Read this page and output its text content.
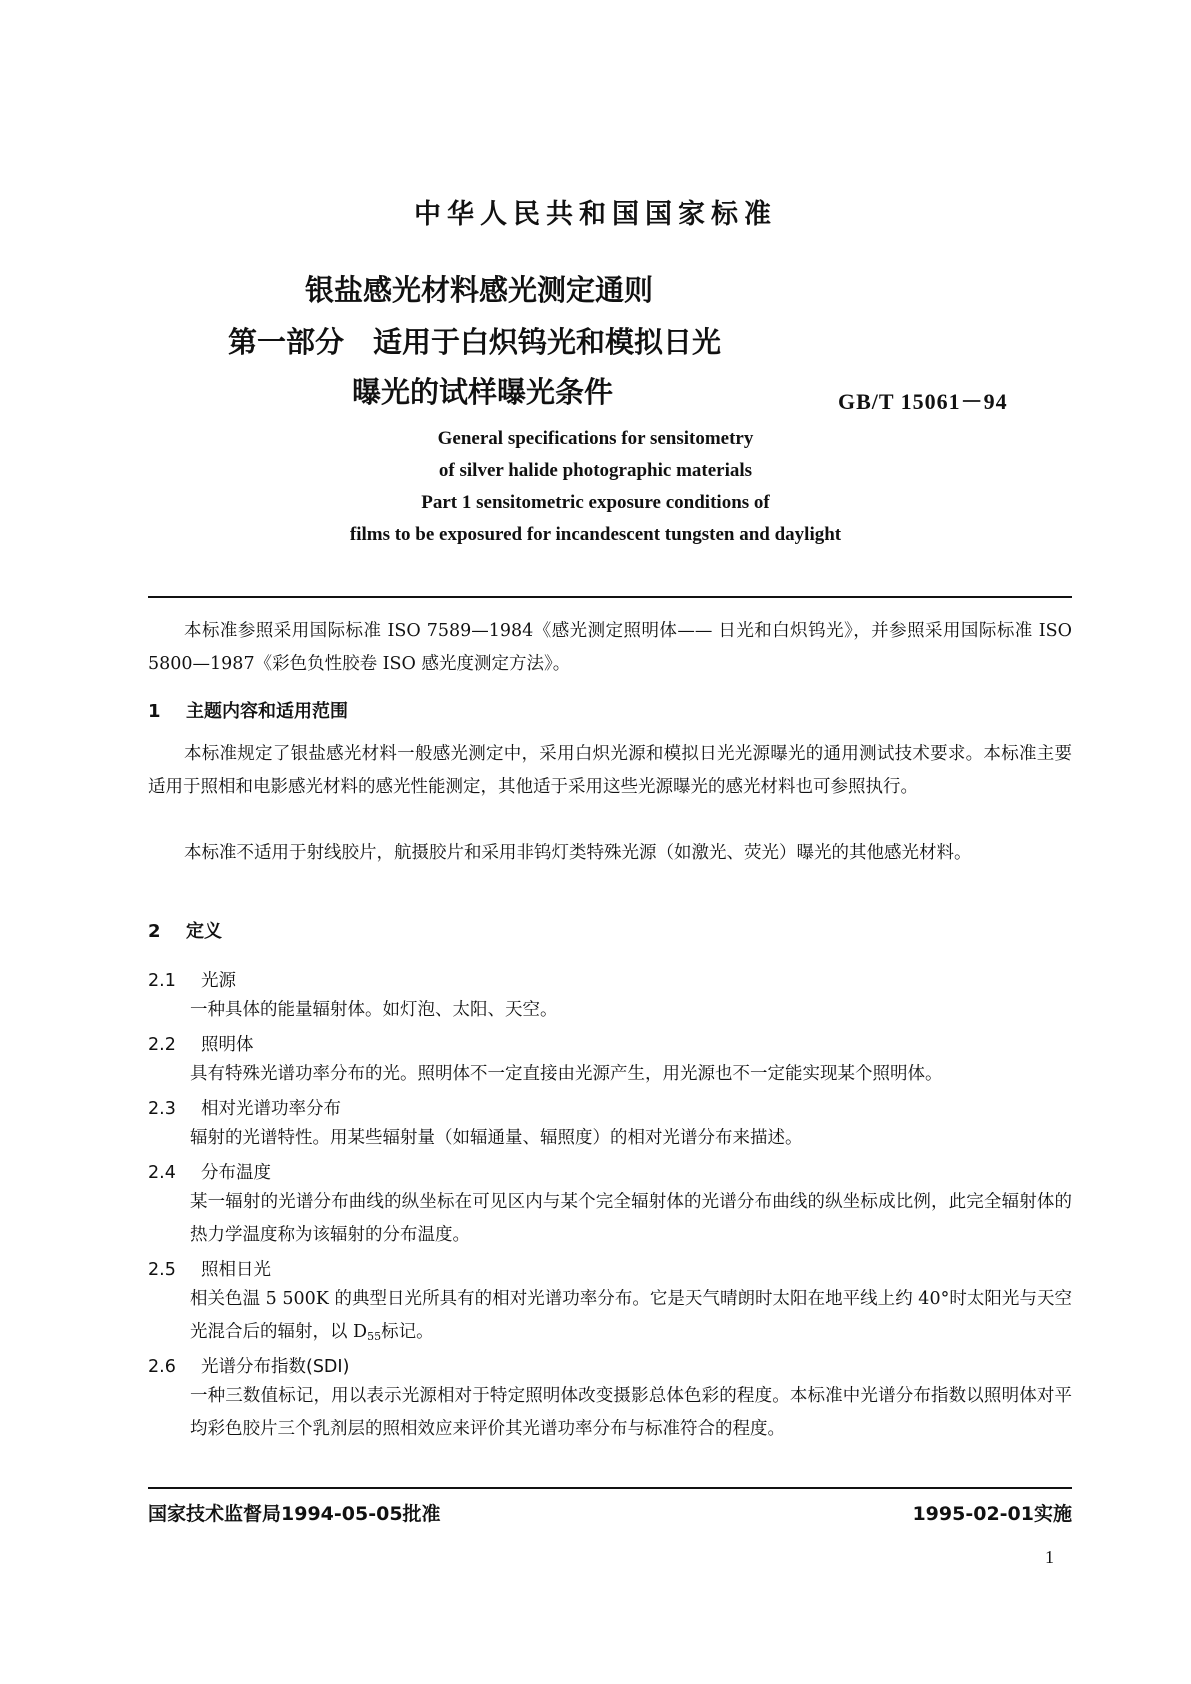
中华人民共和国国家标准
银盐感光材料感光测定通则
第一部分　适用于白炽钨光和模拟日光
曝光的试样曝光条件	GB/T 15061－94
General specifications for sensitometry
of silver halide photographic materials
Part 1 sensitometric exposure conditions of
films to be exposured for incandescent tungsten and daylight
本标准参照采用国际标准 ISO 7589—1984《感光测定照明体—— 日光和白炽钨光》，并参照采用国际标准 ISO 5800—1987《彩色负性胶卷 ISO 感光度测定方法》。
1 主题内容和适用范围
本标准规定了银盐感光材料一般感光测定中，采用白炽光源和模拟日光光源曝光的通用测试技术要求。本标准主要适用于照相和电影感光材料的感光性能测定，其他适于采用这些光源曝光的感光材料也可参照执行。
本标准不适用于射线胶片，航摄胶片和采用非钨灯类特殊光源（如激光、荧光）曝光的其他感光材料。
2 定义
2.1 光源
一种具体的能量辐射体。如灯泡、太阳、天空。
2.2 照明体
具有特殊光谱功率分布的光。照明体不一定直接由光源产生，用光源也不一定能实现某个照明体。
2.3 相对光谱功率分布
辐射的光谱特性。用某些辐射量（如辐通量、辐照度）的相对光谱分布来描述。
2.4 分布温度
某一辐射的光谱分布曲线的纵坐标在可见区内与某个完全辐射体的光谱分布曲线的纵坐标成比例，此完全辐射体的热力学温度称为该辐射的分布温度。
2.5 照相日光
相关色温 5 500K 的典型日光所具有的相对光谱功率分布。它是天气晴朗时太阳在地平线上约 40°时太阳光与天空光混合后的辐射，以 $D_{55}$标记。
2.6 光谱分布指数(SDI)
一种三数值标记，用以表示光源相对于特定照明体改变摄影总体色彩的程度。本标准中光谱分布指数以照明体对平均彩色胶片三个乳剂层的照相效应来评价其光谱功率分布与标准符合的程度。
国家技术监督局1994-05-05批准	1995-02-01实施
1
